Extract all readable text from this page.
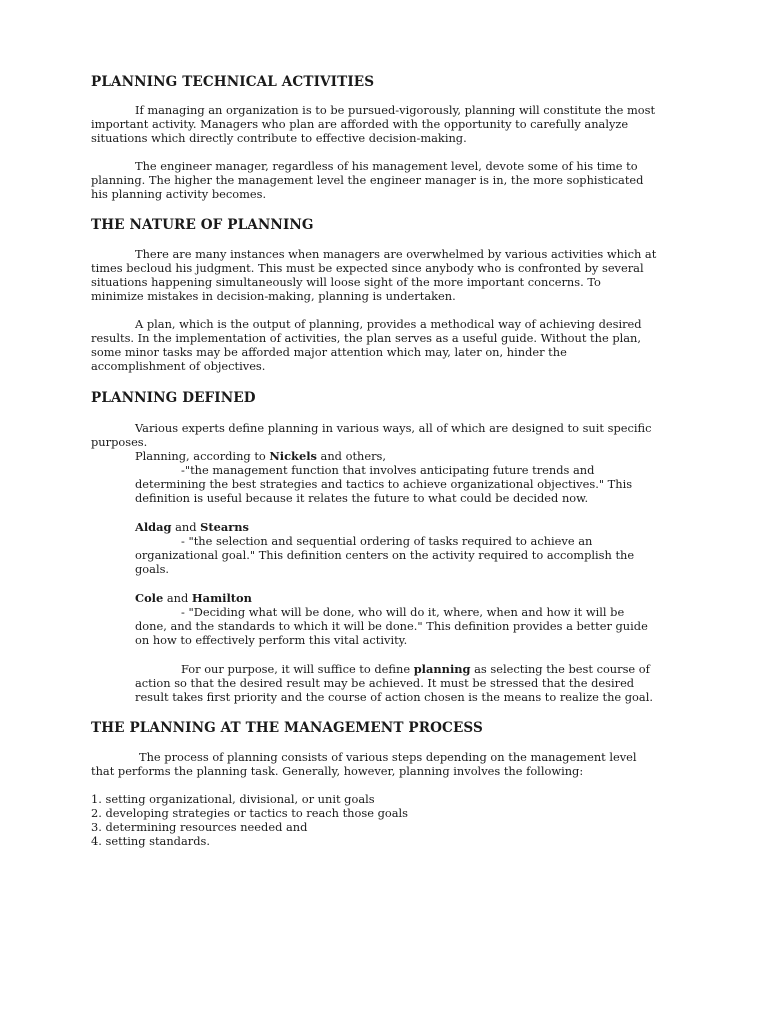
PLANNING TECHNICAL ACTIVITIES

If managing an organization is to be pursued-vigorously, planning will constitute the most

important activity. Managers who plan are afforded with the opportunity to carefully analyze

situations which directly contribute to effective decision-making.

The engineer manager, regardless of his management level, devote some of his time to

planning. The higher the management level the engineer manager is in, the more sophisticated

his planning activity becomes.

THE NATURE OF PLANNING

There are many instances when managers are overwhelmed by various activities which at

times becloud his judgment. This must be expected since anybody who is confronted by several

situations happening simultaneously will loose sight of the more important concerns. To

minimize mistakes in decision-making, planning is undertaken.

A plan, which is the output of planning, provides a methodical way of achieving desired

results. In the implementation of activities, the plan serves as a useful guide. Without the plan,

some minor tasks may be afforded major attention which may, later on, hinder the

accomplishment of objectives.

PLANNING DEFINED

Various experts define planning in various ways, all of which are designed to suit specific

purposes.

Planning, according to Nickels and others,

-"the management function that involves anticipating future trends and

determining the best strategies and tactics to achieve organizational objectives." This

definition is useful because it relates the future to what could be decided now.

Aldag and Stearns

- "the selection and sequential ordering of tasks required to achieve an

organizational goal." This definition centers on the activity required to accomplish the

goals.

Cole and Hamilton

- "Deciding what will be done, who will do it, where, when and how it will be

done, and the standards to which it will be done." This definition provides a better guide

on how to effectively perform this vital activity.

For our purpose, it will suffice to define planning as selecting the best course of

action so that the desired result may be achieved. It must be stressed that the desired

result takes first priority and the course of action chosen is the means to realize the goal.

THE PLANNING AT THE MANAGEMENT PROCESS

The process of planning consists of various steps depending on the management level

that performs the planning task. Generally, however, planning involves the following:

1. setting organizational, divisional, or unit goals

2. developing strategies or tactics to reach those goals

3. determining resources needed and

4. setting standards.
